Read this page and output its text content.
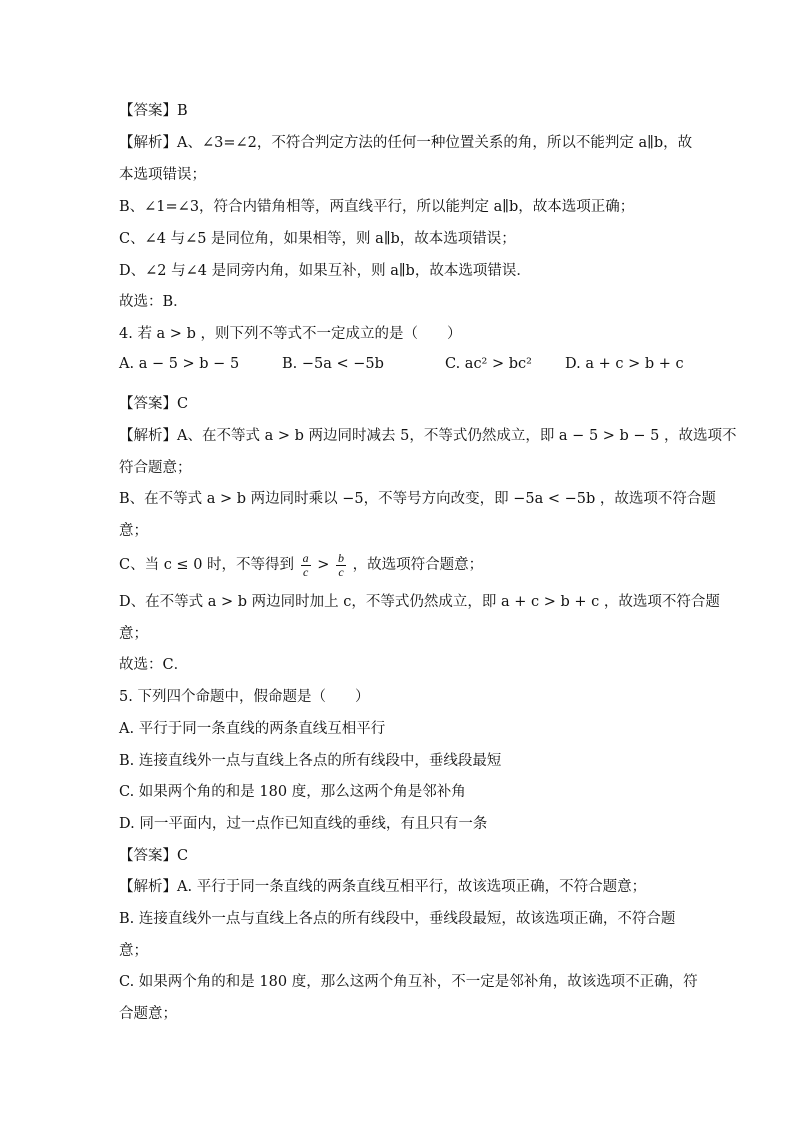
【答案】B
【解析】A、∠3=∠2，不符合判定方法的任何一种位置关系的角，所以不能判定 a∥b，故
本选项错误；
B、∠1=∠3，符合内错角相等，两直线平行，所以能判定 a∥b，故本选项正确；
C、∠4 与∠5 是同位角，如果相等，则 a∥b，故本选项错误；
D、∠2 与∠4 是同旁内角，如果互补，则 a∥b，故本选项错误．
故选：B．
4. 若 a > b ，则下列不等式不一定成立的是（　　）
A. a − 5 > b − 5	B. −5a < −5b	C. ac² > bc² D. a + c > b + c
【答案】C
【解析】A、在不等式 a > b 两边同时减去 5，不等式仍然成立，即 a − 5 > b − 5 ，故选项不
符合题意；
B、在不等式 a > b 两边同时乘以 −5，不等号方向改变，即 −5a < −5b ，故选项不符合题
意；
C、当 c ≤ 0 时，不等得到 $\frac{a}{c} > \frac{b}{c}$ ，故选项符合题意；
D、在不等式 a > b 两边同时加上 c，不等式仍然成立，即 a + c > b + c ，故选项不符合题
意；
故选：C．
5. 下列四个命题中，假命题是（　　）
A. 平行于同一条直线的两条直线互相平行
B. 连接直线外一点与直线上各点的所有线段中，垂线段最短
C. 如果两个角的和是 180 度，那么这两个角是邻补角
D. 同一平面内，过一点作已知直线的垂线，有且只有一条
【答案】C
【解析】A. 平行于同一条直线的两条直线互相平行，故该选项正确，不符合题意；
B. 连接直线外一点与直线上各点的所有线段中，垂线段最短，故该选项正确，不符合题
意；
C. 如果两个角的和是 180 度，那么这两个角互补，不一定是邻补角，故该选项不正确，符
合题意；
